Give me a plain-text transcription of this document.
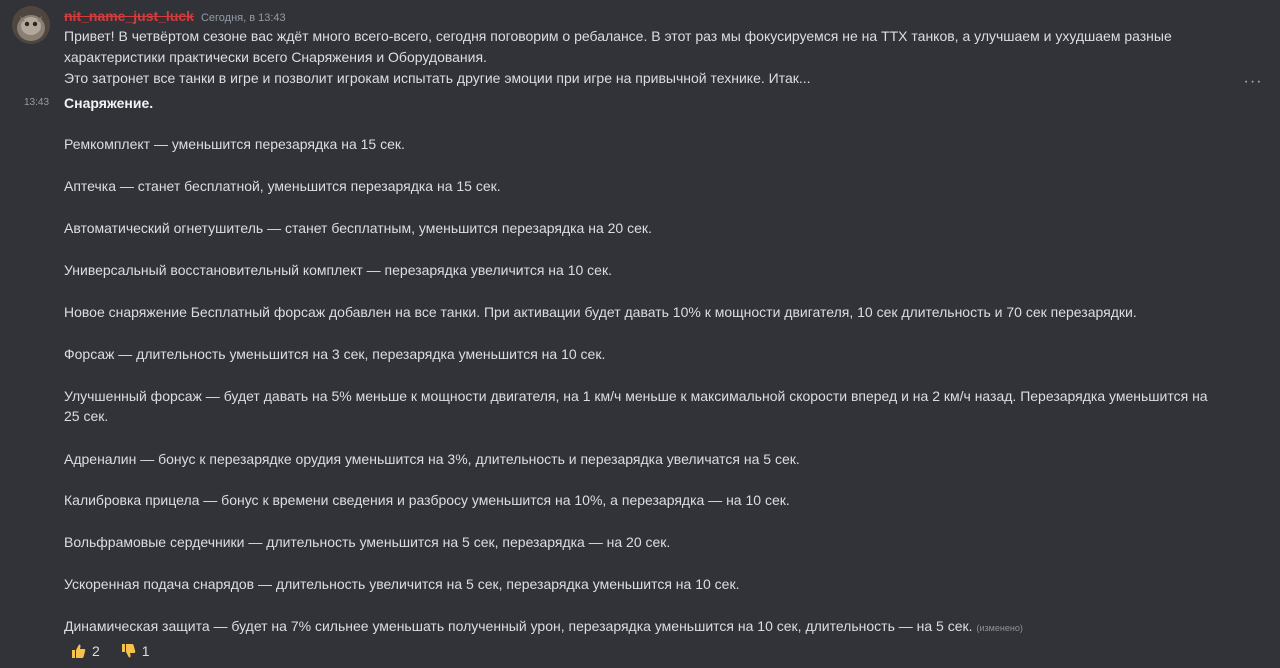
nit_name_just_luck Сегодня, в 13:43
Привет! В четвёртом сезоне вас ждёт много всего-всего, сегодня поговорим о ребалансе. В этот раз мы фокусируемся не на ТТХ танков, а улучшаем и ухудшаем разные
характеристики практически всего Снаряжения и Оборудования.
Это затронет все танки в игре и позволит игрокам испытать другие эмоции при игре на привычной технике. Итак...	···
13:43 Снаряжение.
Ремкомплект — уменьшится перезарядка на 15 сек.
Аптечка — станет бесплатной, уменьшится перезарядка на 15 сек.
Автоматический огнетушитель — станет бесплатным, уменьшится перезарядка на 20 сек.
Универсальный восстановительный комплект — перезарядка увеличится на 10 сек.
Новое снаряжение Бесплатный форсаж добавлен на все танки. При активации будет давать 10% к мощности двигателя, 10 сек длительность и 70 сек перезарядки.
Форсаж — длительность уменьшится на 3 сек, перезарядка уменьшится на 10 сек.
Улучшенный форсаж — будет давать на 5% меньше к мощности двигателя, на 1 км/ч меньше к максимальной скорости вперед и на 2 км/ч назад. Перезарядка уменьшится на
25 сек.
Адреналин — бонус к перезарядке орудия уменьшится на 3%, длительность и перезарядка увеличатся на 5 сек.
Калибровка прицела — бонус к времени сведения и разбросу уменьшится на 10%, а перезарядка — на 10 сек.
Вольфрамовые сердечники — длительность уменьшится на 5 сек, перезарядка — на 20 сек.
Ускоренная подача снарядов — длительность увеличится на 5 сек, перезарядка уменьшится на 10 сек.
Динамическая защита — будет на 7% сильнее уменьшать полученный урон, перезарядка уменьшится на 10 сек, длительность — на 5 сек. (изменено)
2	1
